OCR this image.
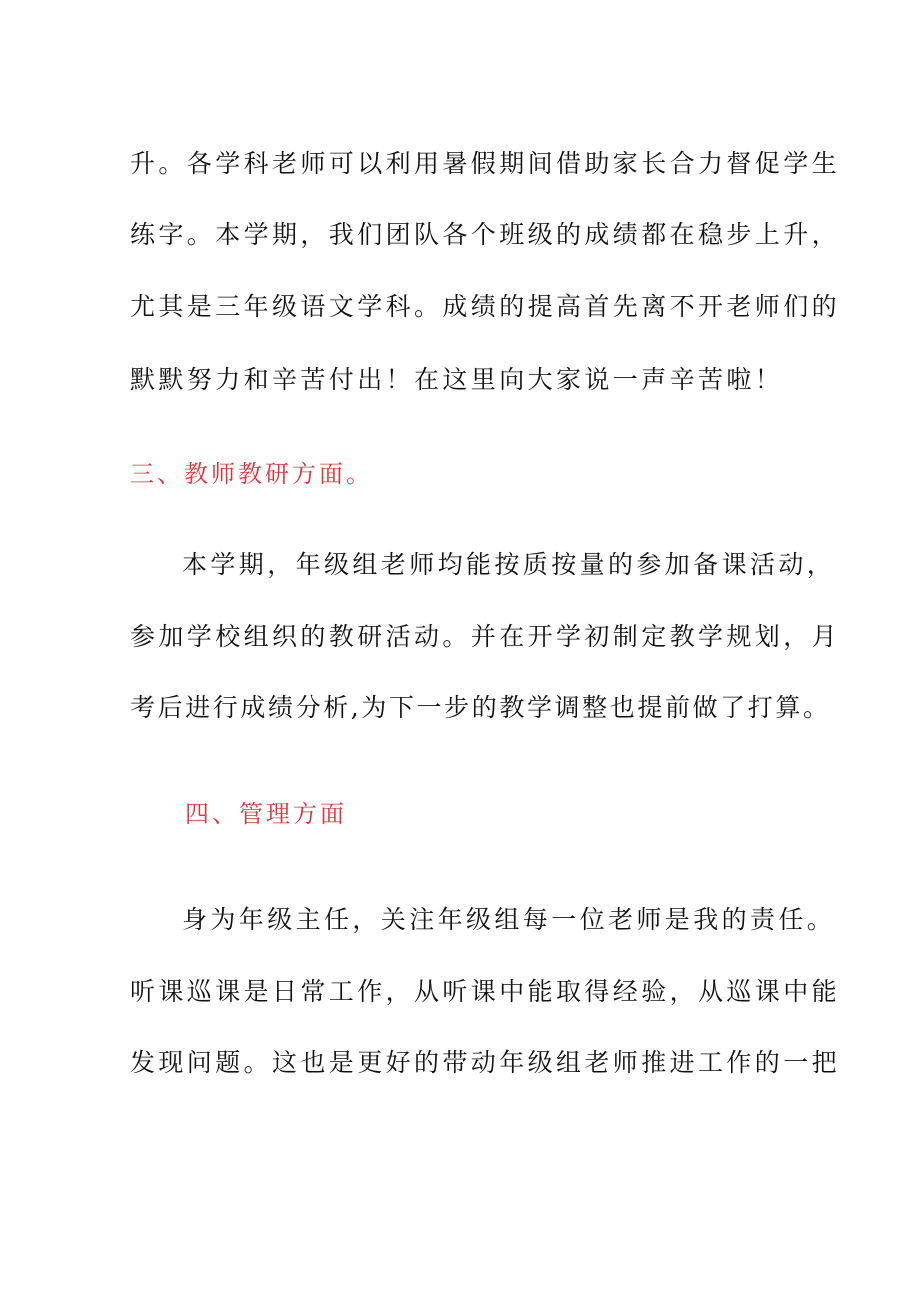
升。各学科老师可以利用暑假期间借助家长合力督促学生

练字。本学期，我们团队各个班级的成绩都在稳步上升，

尤其是三年级语文学科。成绩的提高首先离不开老师们的

默默努力和辛苦付出！在这里向大家说一声辛苦啦！

三、教师教研方面。

本学期，年级组老师均能按质按量的参加备课活动，

参加学校组织的教研活动。并在开学初制定教学规划，月

考后进行成绩分析,为下一步的教学调整也提前做了打算。

四、管理方面

身为年级主任，关注年级组每一位老师是我的责任。

听课巡课是日常工作，从听课中能取得经验，从巡课中能

发现问题。这也是更好的带动年级组老师推进工作的一把
